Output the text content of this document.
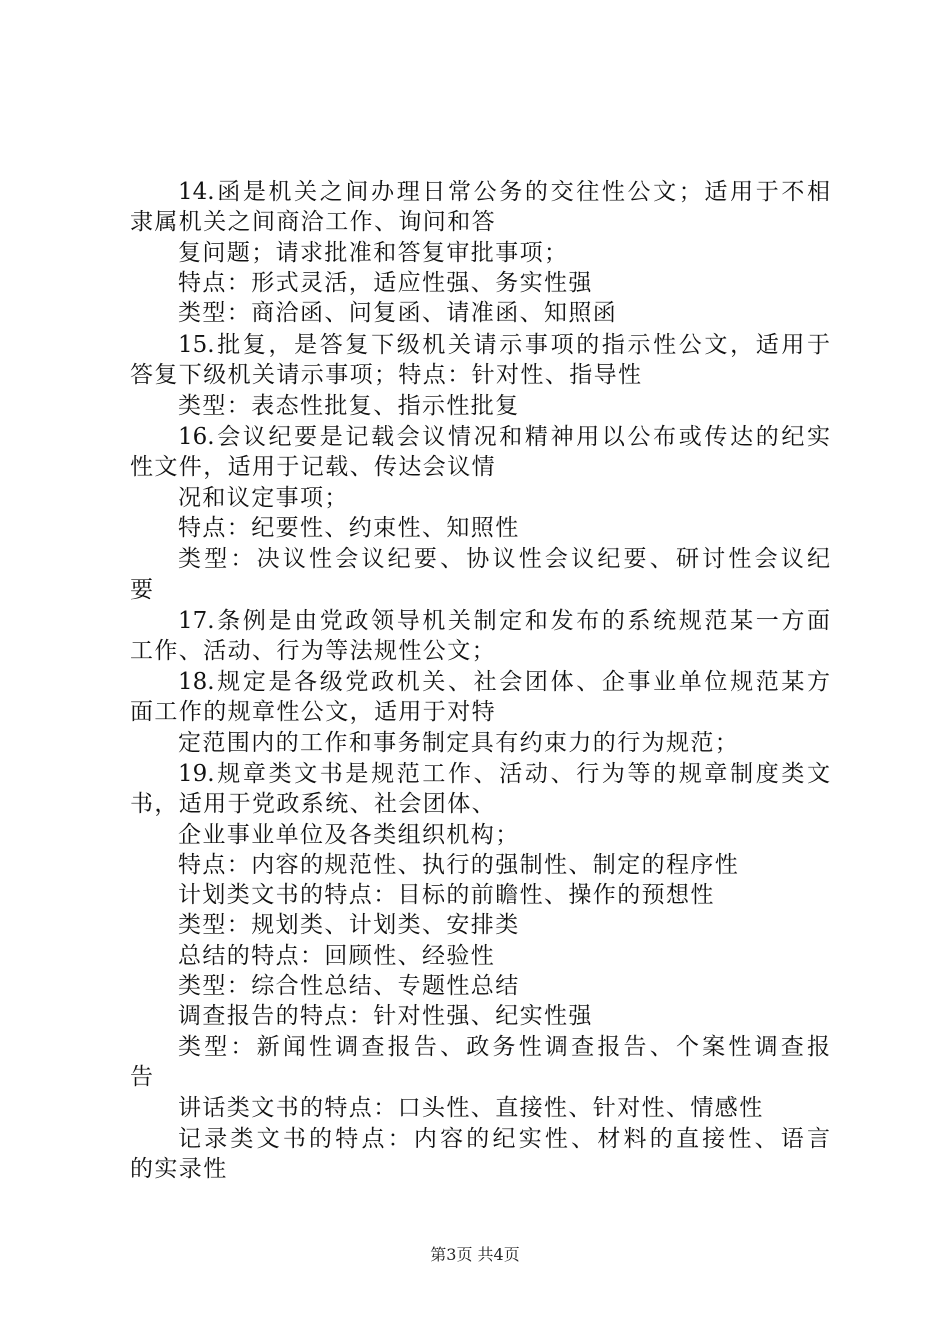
14.函是机关之间办理日常公务的交往性公文；适用于不相
隶属机关之间商洽工作、询问和答
复问题；请求批准和答复审批事项；
特点：形式灵活，适应性强、务实性强
类型：商洽函、问复函、请准函、知照函
15.批复，是答复下级机关请示事项的指示性公文，适用于
答复下级机关请示事项；特点：针对性、指导性
类型：表态性批复、指示性批复
16.会议纪要是记载会议情况和精神用以公布或传达的纪实
性文件，适用于记载、传达会议情
况和议定事项；
特点：纪要性、约束性、知照性
类型：决议性会议纪要、协议性会议纪要、研讨性会议纪
要
17.条例是由党政领导机关制定和发布的系统规范某一方面
工作、活动、行为等法规性公文；
18.规定是各级党政机关、社会团体、企事业单位规范某方
面工作的规章性公文，适用于对特
定范围内的工作和事务制定具有约束力的行为规范；
19.规章类文书是规范工作、活动、行为等的规章制度类文
书，适用于党政系统、社会团体、
企业事业单位及各类组织机构；
特点：内容的规范性、执行的强制性、制定的程序性
计划类文书的特点：目标的前瞻性、操作的预想性
类型：规划类、计划类、安排类
总结的特点：回顾性、经验性
类型：综合性总结、专题性总结
调查报告的特点：针对性强、纪实性强
类型：新闻性调查报告、政务性调查报告、个案性调查报
告
讲话类文书的特点：口头性、直接性、针对性、情感性
记录类文书的特点：内容的纪实性、材料的直接性、语言
的实录性
第3页 共4页
